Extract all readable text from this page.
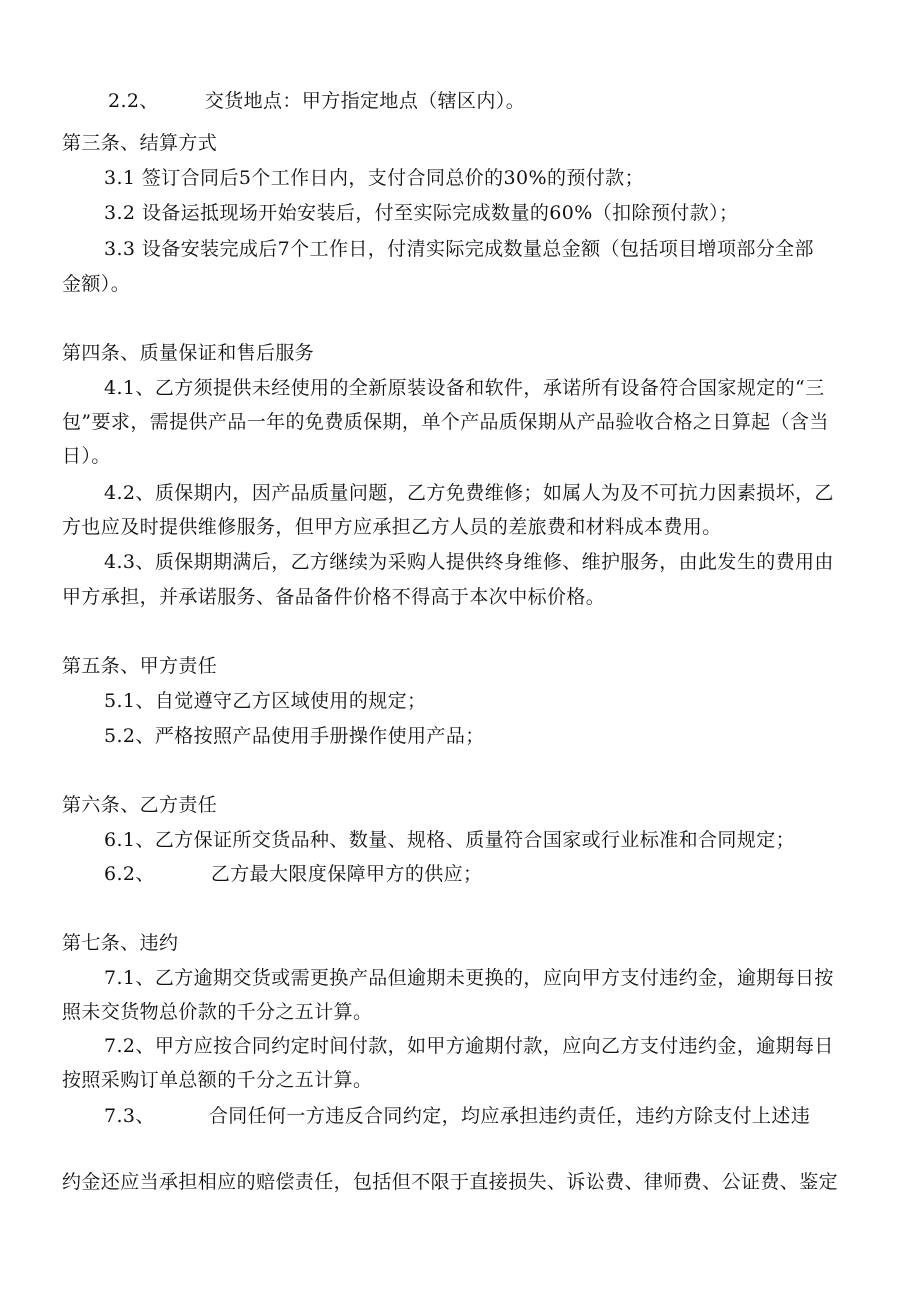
2.2、 交货地点：甲方指定地点（辖区内）。
第三条、结算方式
3.1 签订合同后5个工作日内，支付合同总价的30%的预付款；
3.2 设备运抵现场开始安装后，付至实际完成数量的60%（扣除预付款）；
3.3 设备安装完成后7个工作日，付清实际完成数量总金额（包括项目增项部分全部
金额）。
第四条、质量保证和售后服务
4.1、乙方须提供未经使用的全新原装设备和软件，承诺所有设备符合国家规定的“三
包”要求，需提供产品一年的免费质保期，单个产品质保期从产品验收合格之日算起（含当
日）。
4.2、质保期内，因产品质量问题，乙方免费维修；如属人为及不可抗力因素损坏，乙
方也应及时提供维修服务，但甲方应承担乙方人员的差旅费和材料成本费用。
4.3、质保期期满后，乙方继续为采购人提供终身维修、维护服务，由此发生的费用由
甲方承担，并承诺服务、备品备件价格不得高于本次中标价格。
第五条、甲方责任
5.1、自觉遵守乙方区域使用的规定；
5.2、严格按照产品使用手册操作使用产品；
第六条、乙方责任
6.1、乙方保证所交货品种、数量、规格、质量符合国家或行业标准和合同规定；
6.2、	乙方最大限度保障甲方的供应；
第七条、违约
7.1、乙方逾期交货或需更换产品但逾期未更换的，应向甲方支付违约金，逾期每日按
照未交货物总价款的千分之五计算。
7.2、甲方应按合同约定时间付款，如甲方逾期付款，应向乙方支付违约金，逾期每日
按照采购订单总额的千分之五计算。
7.3、	合同任何一方违反合同约定，均应承担违约责任，违约方除支付上述违
约金还应当承担相应的赔偿责任，包括但不限于直接损失、诉讼费、律师费、公证费、鉴定
